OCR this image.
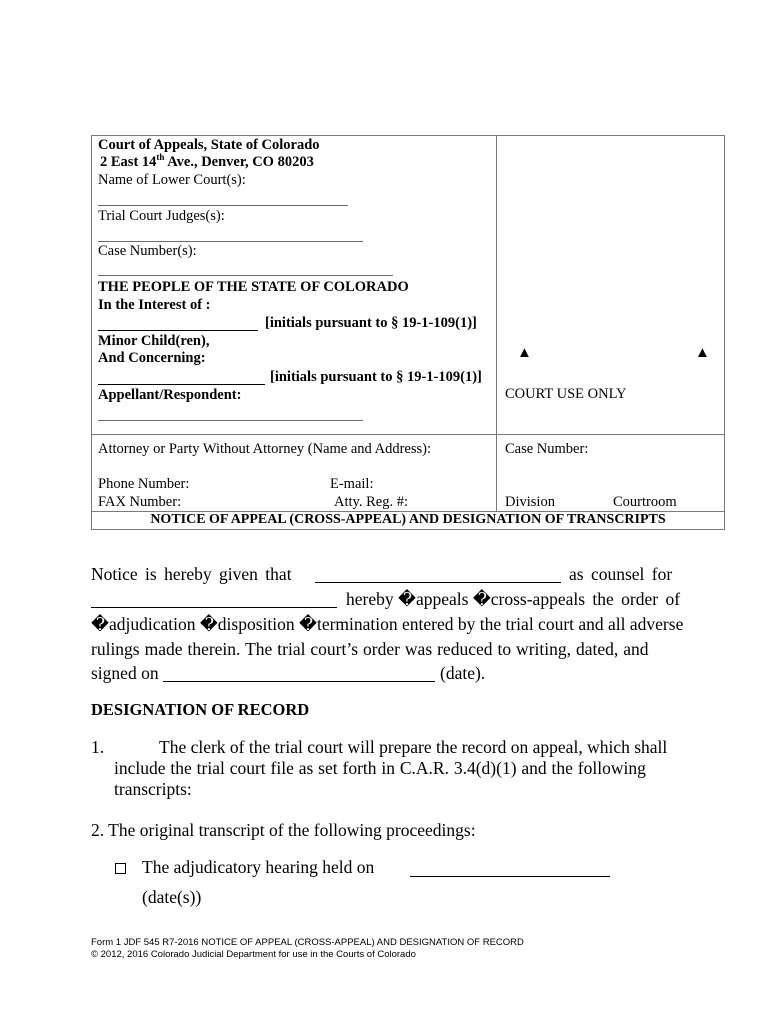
Court of Appeals, State of Colorado
2 East 14th Ave., Denver, CO 80203
Name of Lower Court(s):
Trial Court Judges(s):
Case Number(s):
THE PEOPLE OF THE STATE OF COLORADO
In the Interest of :
[initials pursuant to § 19-1-109(1)]
Minor Child(ren),
And Concerning:
[initials pursuant to § 19-1-109(1)]
Appellant/Respondent:
▲	▲
COURT USE ONLY
Attorney or Party Without Attorney (Name and Address):	Case Number:
Phone Number:	E-mail:
FAX Number:	Atty. Reg. #:	Division	Courtroom
NOTICE OF APPEAL (CROSS-APPEAL) AND DESIGNATION OF TRANSCRIPTS
Notice is hereby given that	as counsel for
hereby �appeals �cross-appeals the order of
�adjudication �disposition �termination entered by the trial court and all adverse
rulings made therein. The trial court’s order was reduced to writing, dated, and
signed on	(date).
DESIGNATION OF RECORD
1.	The clerk of the trial court will prepare the record on appeal, which shall
include the trial court file as set forth in C.A.R. 3.4(d)(1) and the following
transcripts:
2. The original transcript of the following proceedings:
The adjudicatory hearing held on
(date(s))
Form 1 JDF 545 R7-2016 NOTICE OF APPEAL (CROSS-APPEAL) AND DESIGNATION OF RECORD
© 2012, 2016 Colorado Judicial Department for use in the Courts of Colorado
